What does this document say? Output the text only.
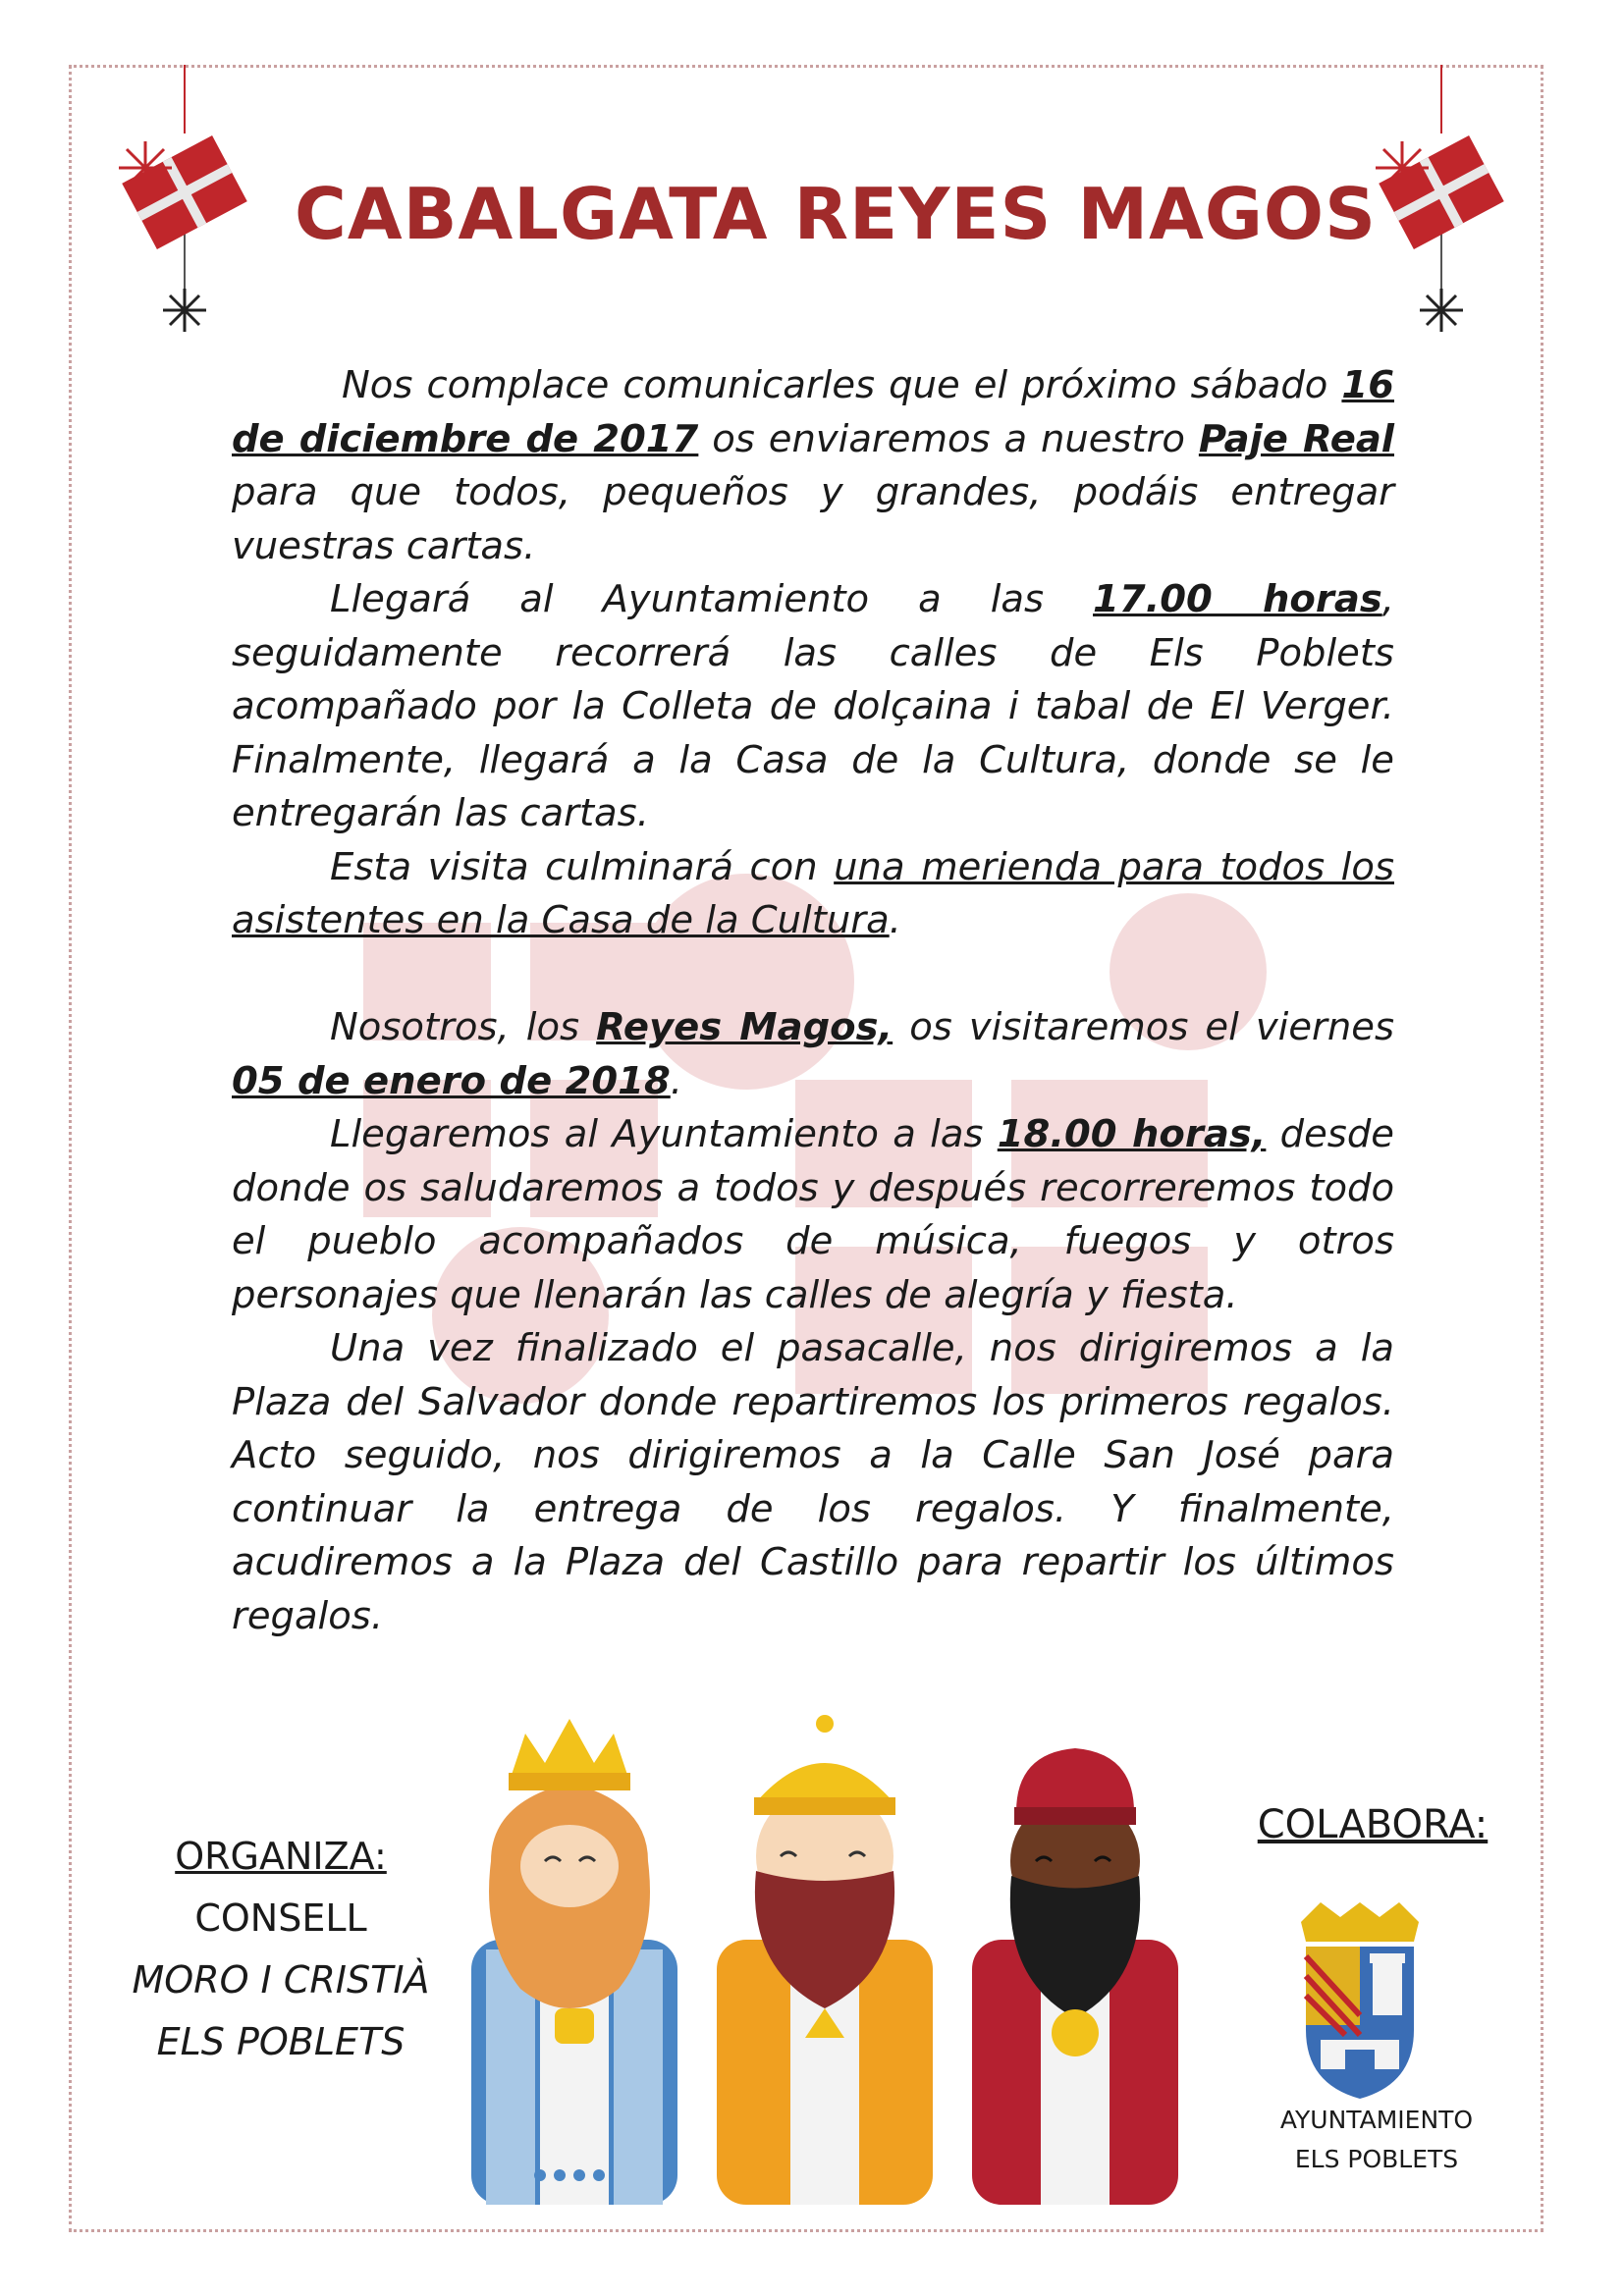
CABALGATA REYES MAGOS

Nos complace comunicarles que el próximo sábado 16 de diciembre de 2017 os enviaremos a nuestro Paje Real para que todos, pequeños y grandes, podáis entregar vuestras cartas.

Llegará al Ayuntamiento a las 17.00 horas, seguidamente recorrerá las calles de Els Poblets acompañado por la Colleta de dolçaina i tabal de El Verger. Finalmente, llegará a la Casa de la Cultura, donde se le entregarán las cartas.

Esta visita culminará con una merienda para todos los asistentes en la Casa de la Cultura.

Nosotros, los Reyes Magos, os visitaremos el viernes 05 de enero de 2018.

Llegaremos al Ayuntamiento a las 18.00 horas, desde donde os saludaremos a todos y después recorreremos todo el pueblo acompañados de música, fuegos y otros personajes que llenarán las calles de alegría y fiesta.

Una vez finalizado el pasacalle, nos dirigiremos a la Plaza del Salvador donde repartiremos los primeros regalos. Acto seguido, nos dirigiremos a la Calle San José para continuar la entrega de los regalos. Y finalmente, acudiremos a la Plaza del Castillo para repartir los últimos regalos.

ORGANIZA:
CONSELL
MORO I CRISTIÀ
ELS POBLETS
COLABORA:
AYUNTAMIENTO
ELS POBLETS
